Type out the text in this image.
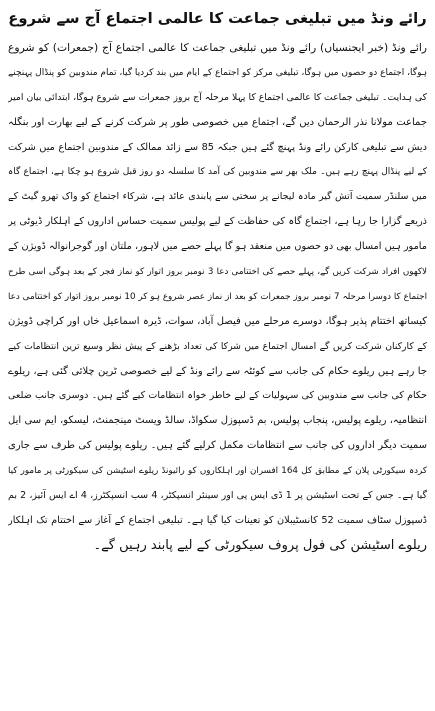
رائے ونڈ میں تبلیغی جماعت کا عالمی اجتماع آج سے شروع
رائے ونڈ (خبر ایجنسیاں) رائے ونڈ میں تبلیغی جماعت کا عالمی اجتماع آج (جمعرات) کو شروع
ہوگا، اجتماع دو حصوں میں ہوگا، تبلیغی مرکز کو اجتماع کے ایام میں بند کردیا گیا، تمام مندوبین کو پنڈال پہنچنے
کی ہدایت۔ تبلیغی جماعت کا عالمی اجتماع کا پہلا مرحلہ آج بروز جمعرات سے شروع ہوگا، ابتدائی بیان امیر
جماعت مولانا نذر الرحمان دیں گے، اجتماع میں خصوصی طور پر شرکت کرنے کے لیے بھارت اور بنگلہ
دیش سے تبلیغی کارکن رائے ونڈ پہنچ گئے ہیں جبکہ 85 سے زائد ممالک کے مندوبین اجتماع میں شرکت
کے لیے پنڈال پہنچ رہے ہیں۔ ملک بھر سے مندوبین کی آمد کا سلسلہ دو روز قبل شروع ہو چکا ہے، اجتماع گاہ
میں سلنڈر سمیت آتش گیر مادہ لیجانے پر سختی سے پابندی عائد ہے، شرکاء اجتماع کو واک تھرو گیٹ کے
ذریعے گزارا جا رہا ہے، اجتماع گاہ کی حفاظت کے لیے پولیس سمیت حساس اداروں کے اہلکار ڈیوٹی پر
مامور ہیں امسال بھی دو حصوں میں منعقد ہو گا پہلے حصے میں لاہور، ملتان اور گوجرانوالہ ڈویژن کے
لاکھوں افراد شرکت کریں گے، پہلے حصے کی اختتامی دعا 3 نومبر بروز اتوار کو نماز فجر کے بعد ہوگی اسی طرح
اجتماع کا دوسرا مرحلہ 7 نومبر بروز جمعرات کو بعد از نماز عصر شروع ہو کر 10 نومبر بروز اتوار کو اختتامی دعا
کیساتھ اختتام پذیر ہوگا، دوسرے مرحلے میں فیصل آباد، سوات، ڈیرہ اسماعیل خاں اور کراچی ڈویژن
کے کارکنان شرکت کریں گے امسال اجتماع میں شرکا کی تعداد بڑھنے کے پیش نظر وسیع ترین انتظامات کیے
جا رہے ہیں ریلوے حکام کی جانب سے کوئٹہ سے رائے ونڈ کے لیے خصوصی ٹرین چلائی گئی ہے، ریلوے
حکام کی جانب سے مندوبین کی سہولیات کے لیے خاطر خواہ انتظامات کیے گئے ہیں۔ دوسری جانب ضلعی
انتظامیہ، ریلوے پولیس، پنجاب پولیس، بم ڈسپوزل سکواڈ، سالڈ ویسٹ مینجمنٹ، لیسکو، ایم سی ایل
سمیت دیگر اداروں کی جانب سے انتظامات مکمل کرلیے گئے ہیں۔ ریلوے پولیس کی طرف سے جاری
کردہ سیکورٹی پلان کے مطابق کل 164 افسران اور اہلکاروں کو رائیونڈ ریلوے اسٹیشن کی سیکورٹی پر مامور کیا
گیا ہے۔ جس کے تحت اسٹیشن پر 1 ڈی ایس پی اور سینئر انسپکٹر، 4 سب انسپکٹرز، 4 اے ایس آئیز، 2 بم
ڈسپوزل سٹاف سمیت 52 کانسٹیبلان کو تعینات کیا گیا ہے۔ تبلیغی اجتماع کے آغاز سے اختتام تک اہلکار
ریلوے اسٹیشن کی فول پروف سیکورٹی کے لیے پابند رہیں گے۔
